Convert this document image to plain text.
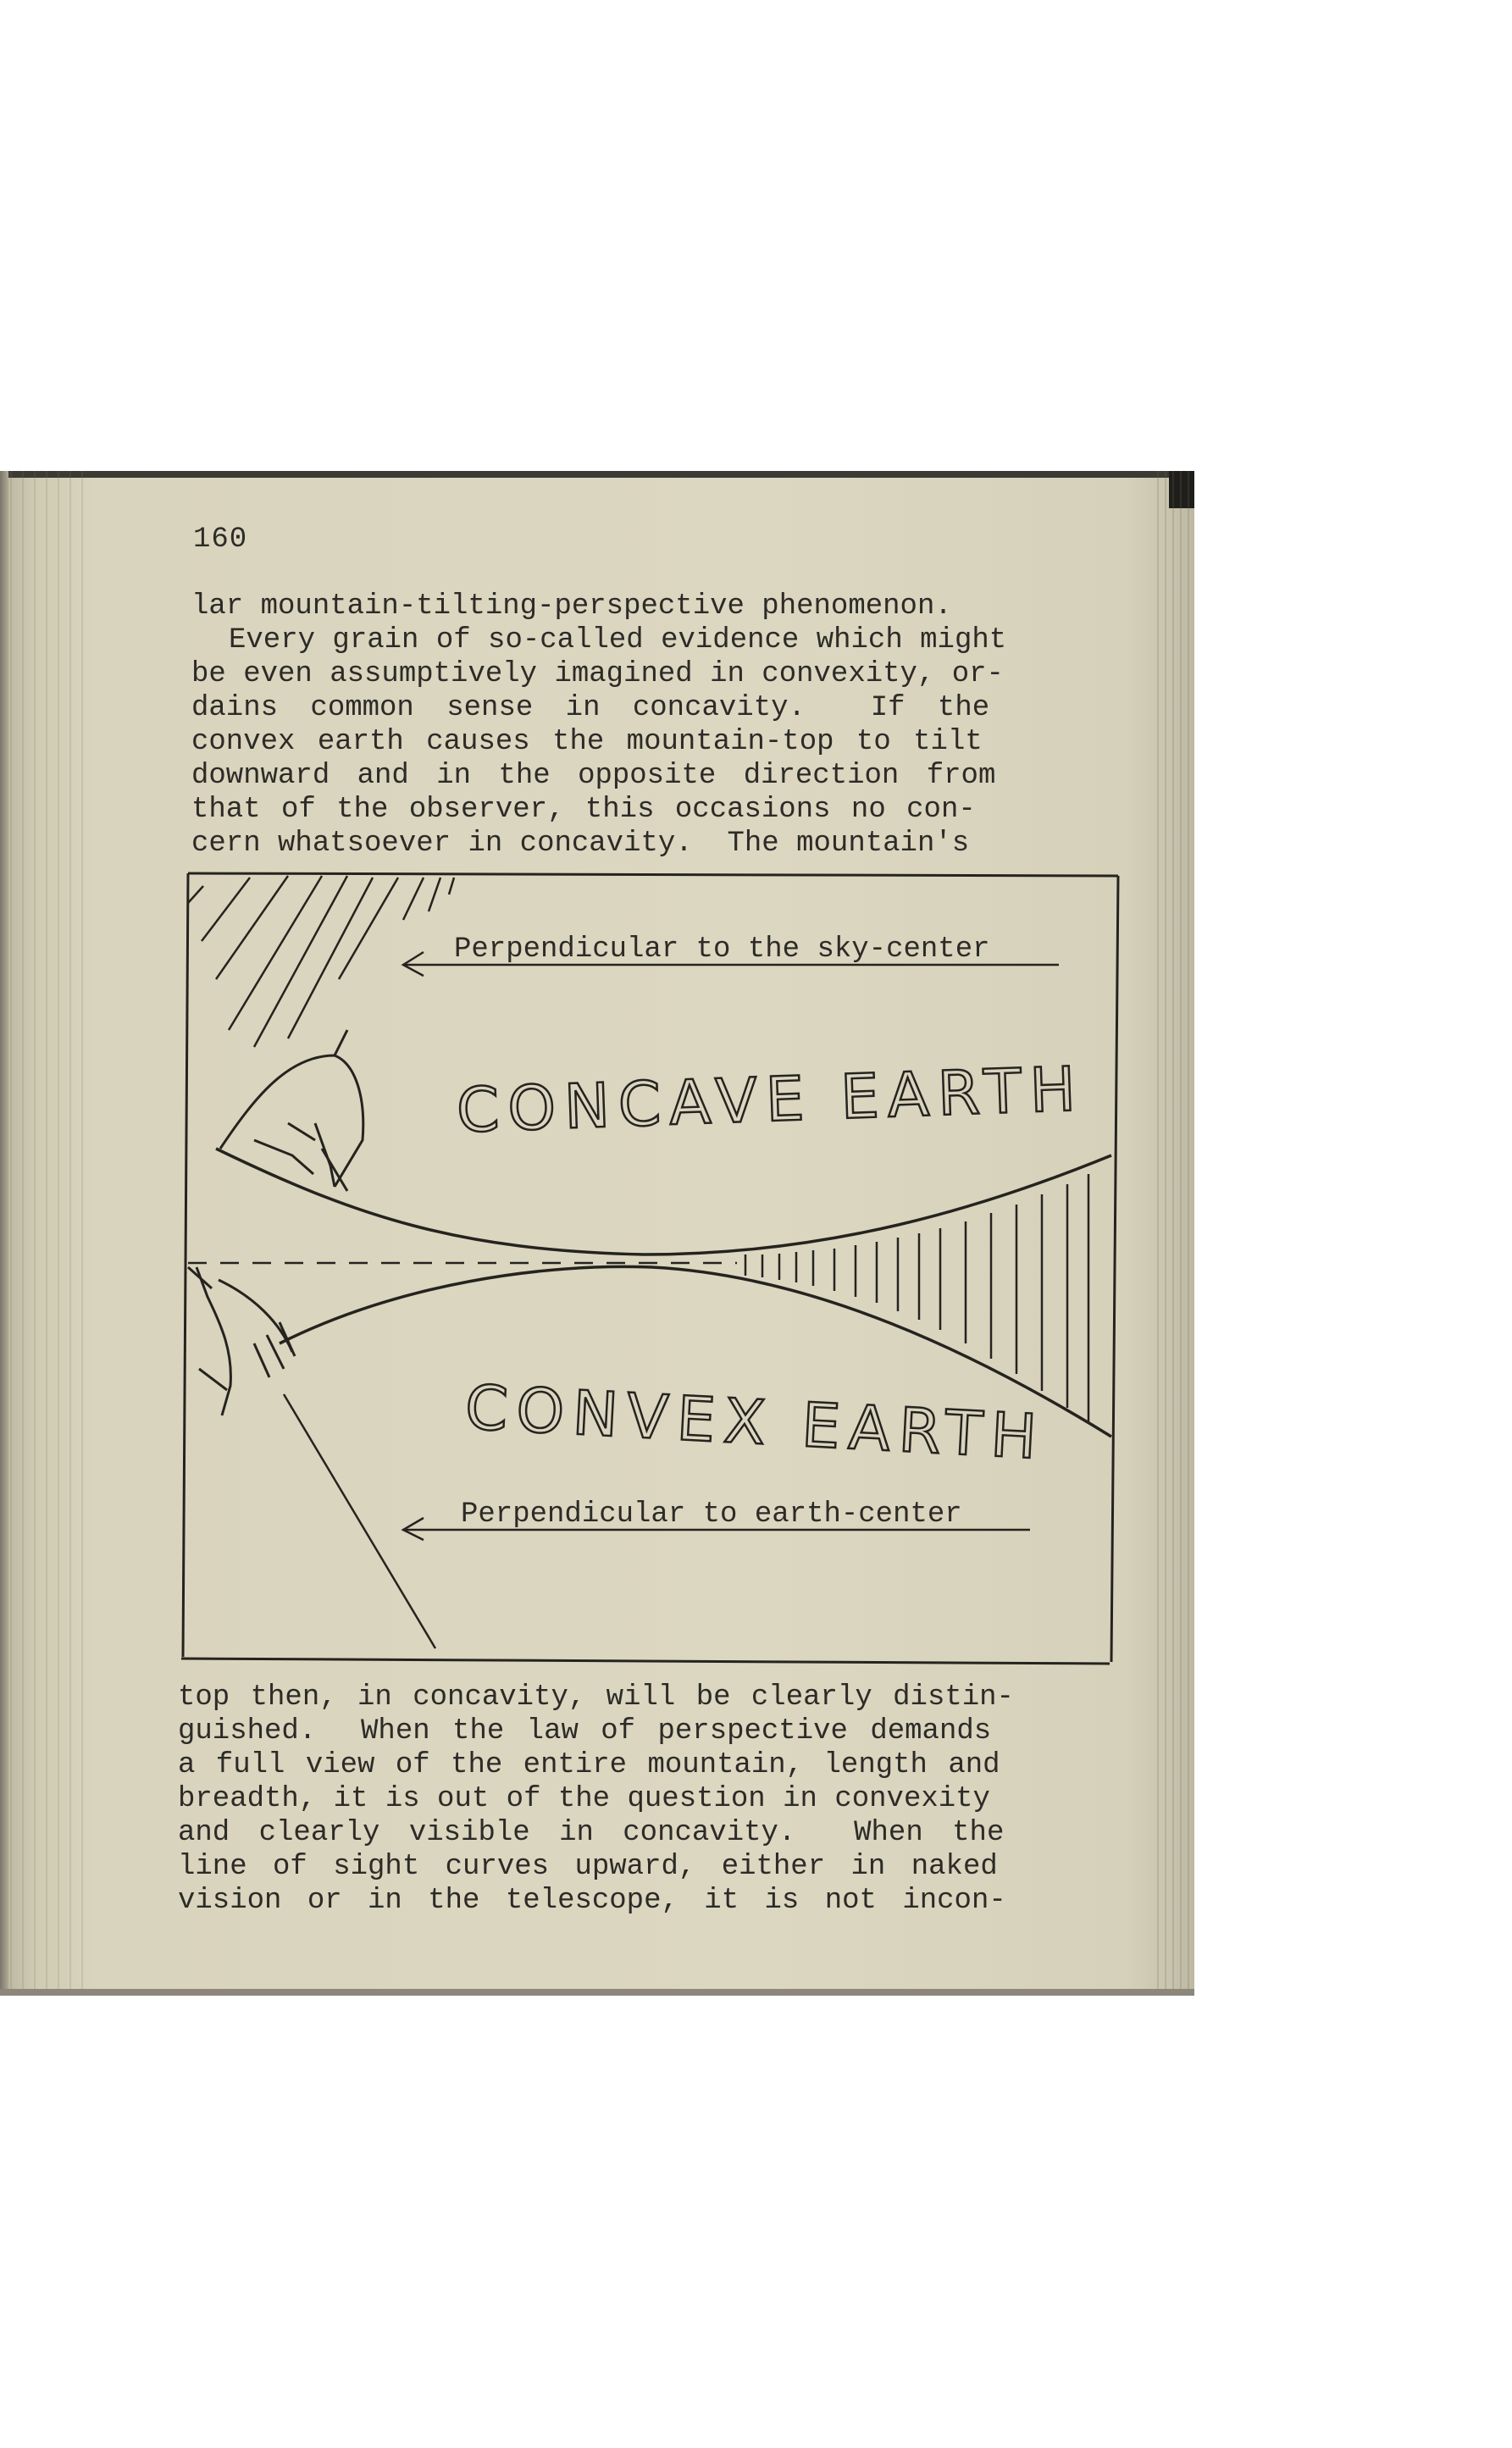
160
lar mountain-tilting-perspective phenomenon.
Every grain of so-called evidence which might
be even assumptively imagined in convexity, or-
dains common sense in concavity.  If the
convex earth causes the mountain-top to tilt
downward and in the opposite direction from
that of the observer, this occasions no con-
cern whatsoever in concavity.  The mountain's
Perpendicular to the sky-center
CONCAVE EARTH
CONVEX EARTH
Perpendicular to earth-center
top then, in concavity, will be clearly distin-
guished.  When the law of perspective demands
a full view of the entire mountain, length and
breadth, it is out of the question in convexity
and clearly visible in concavity.  When the
line of sight curves upward, either in naked
vision or in the telescope, it is not incon-
